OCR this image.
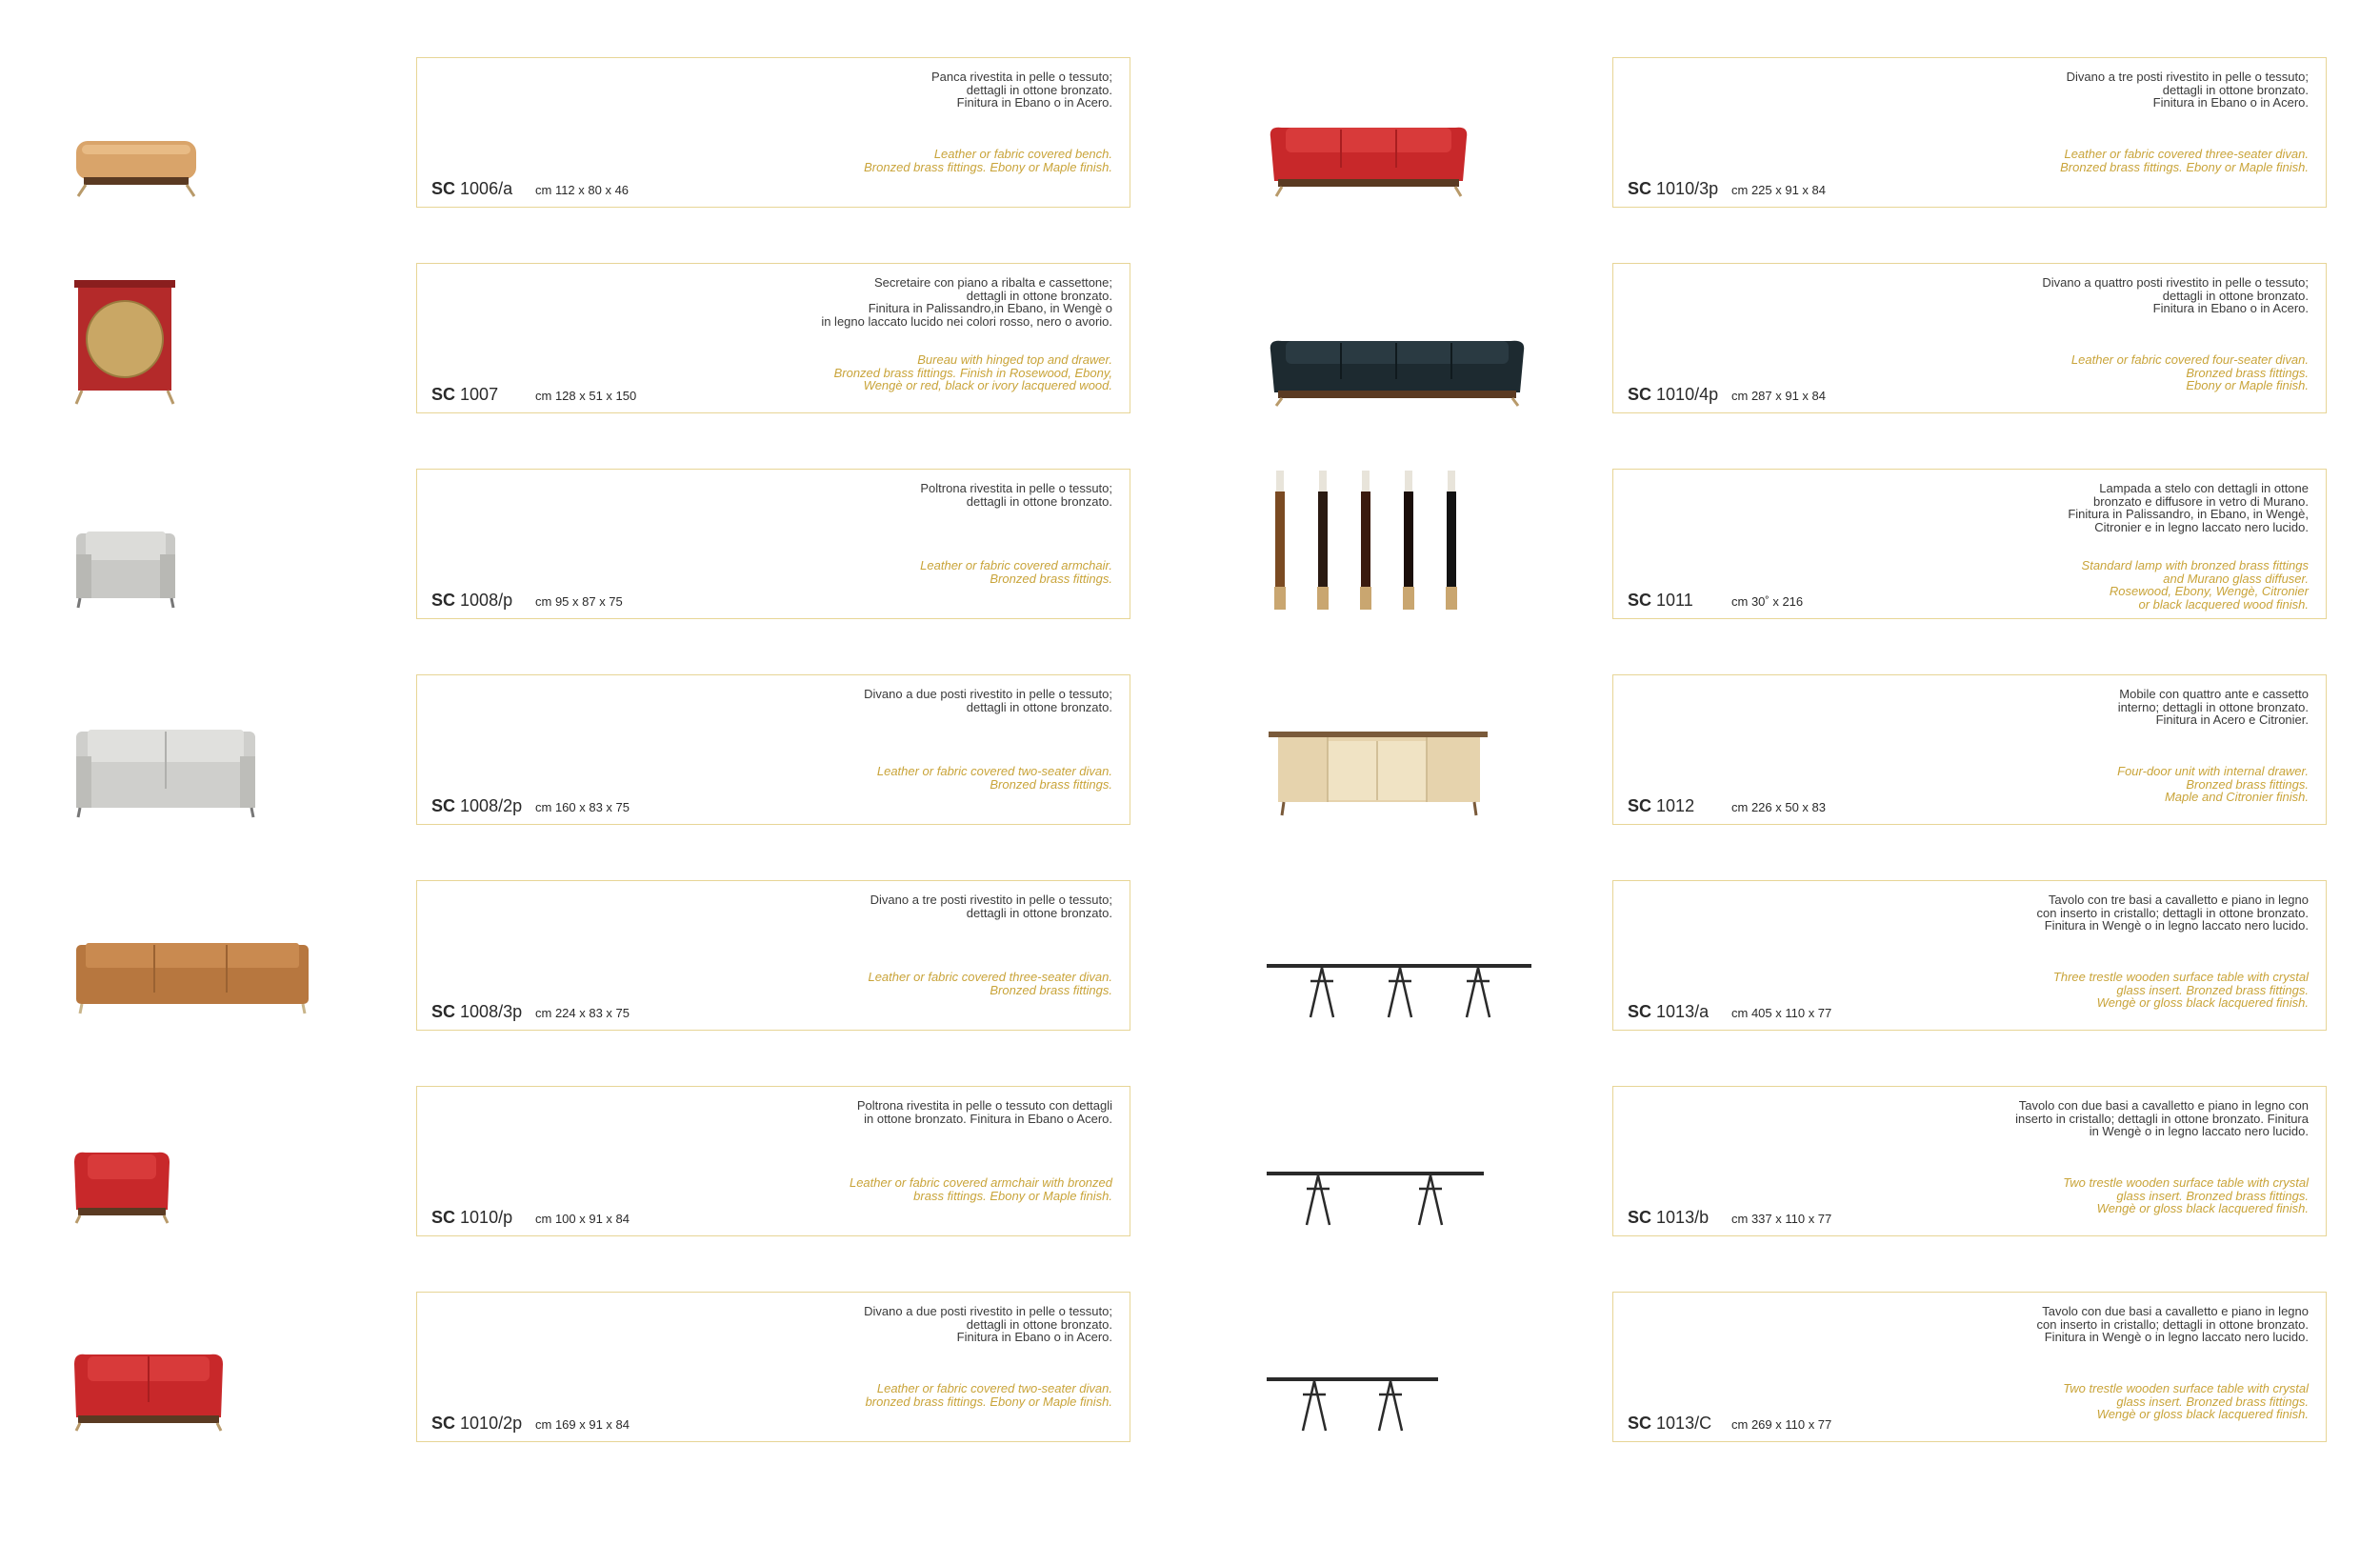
Panca rivestita in pelle o tessuto;
dettagli in ottone bronzato.
Finitura in Ebano o in Acero.
Leather or fabric covered bench.
Bronzed brass fittings. Ebony or Maple finish.
SC 1006/a cm 112 x 80 x 46
Secretaire con piano a ribalta e cassettone;
dettagli in ottone bronzato.
Finitura in Palissandro,in Ebano, in Wengè o
in legno laccato lucido nei colori rosso, nero o avorio.
Bureau with hinged top and drawer.
Bronzed brass fittings. Finish in Rosewood, Ebony,
Wengè or red, black or ivory lacquered wood.
SC 1007	cm 128 x 51 x 150
Poltrona rivestita in pelle o tessuto;
dettagli in ottone bronzato.
Leather or fabric covered armchair.
Bronzed brass fittings.
SC 1008/p cm 95 x 87 x 75
Divano a due posti rivestito in pelle o tessuto;
dettagli in ottone bronzato.
Leather or fabric covered two-seater divan.
Bronzed brass fittings.
SC 1008/2p cm 160 x 83 x 75
Divano a tre posti rivestito in pelle o tessuto;
dettagli in ottone bronzato.
Leather or fabric covered three-seater divan.
Bronzed brass fittings.
SC 1008/3p cm 224 x 83 x 75
Poltrona rivestita in pelle o tessuto con dettagli
in ottone bronzato. Finitura in Ebano o Acero.
Leather or fabric covered armchair with bronzed
brass fittings. Ebony or Maple finish.
SC 1010/p cm 100 x 91 x 84
Divano a due posti rivestito in pelle o tessuto;
dettagli in ottone bronzato.
Finitura in Ebano o in Acero.
Leather or fabric covered two-seater divan.
bronzed brass fittings. Ebony or Maple finish.
SC 1010/2p cm 169 x 91 x 84
Divano a tre posti rivestito in pelle o tessuto;
dettagli in ottone bronzato.
Finitura in Ebano o in Acero.
Leather or fabric covered three-seater divan.
Bronzed brass fittings. Ebony or Maple finish.
SC 1010/3p cm 225 x 91 x 84
Divano a quattro posti rivestito in pelle o tessuto;
dettagli in ottone bronzato.
Finitura in Ebano o in Acero.
Leather or fabric covered four-seater divan.
Bronzed brass fittings.
Ebony or Maple finish.
SC 1010/4p cm 287 x 91 x 84
Lampada a stelo con dettagli in ottone
bronzato e diffusore in vetro di Murano.
Finitura in Palissandro, in Ebano, in Wengè,
Citronier e in legno laccato nero lucido.
Standard lamp with bronzed brass fittings
and Murano glass diffuser.
Rosewood, Ebony, Wengè, Citronier
or black lacquered wood finish.
SC 1011	cm 30˚ x 216
Mobile con quattro ante e cassetto
interno; dettagli in ottone bronzato.
Finitura in Acero e Citronier.
Four-door unit with internal drawer.
Bronzed brass fittings.
Maple and Citronier finish.
SC 1012	cm 226 x 50 x 83
Tavolo con tre basi a cavalletto e piano in legno
con inserto in cristallo; dettagli in ottone bronzato.
Finitura in Wengè o in legno laccato nero lucido.
Three trestle wooden surface table with crystal
glass insert. Bronzed brass fittings.
Wengè or gloss black lacquered finish.
SC 1013/a cm 405 x 110 x 77
Tavolo con due basi a cavalletto e piano in legno con
inserto in cristallo; dettagli in ottone bronzato. Finitura
in Wengè o in legno laccato nero lucido.
Two trestle wooden surface table with crystal
glass insert. Bronzed brass fittings.
Wengè or gloss black lacquered finish.
SC 1013/b cm 337 x 110 x 77
Tavolo con due basi a cavalletto e piano in legno
con inserto in cristallo; dettagli in ottone bronzato.
Finitura in Wengè o in legno laccato nero lucido.
Two trestle wooden surface table with crystal
glass insert. Bronzed brass fittings.
Wengè or gloss black lacquered finish.
SC 1013/C cm 269 x 110 x 77
